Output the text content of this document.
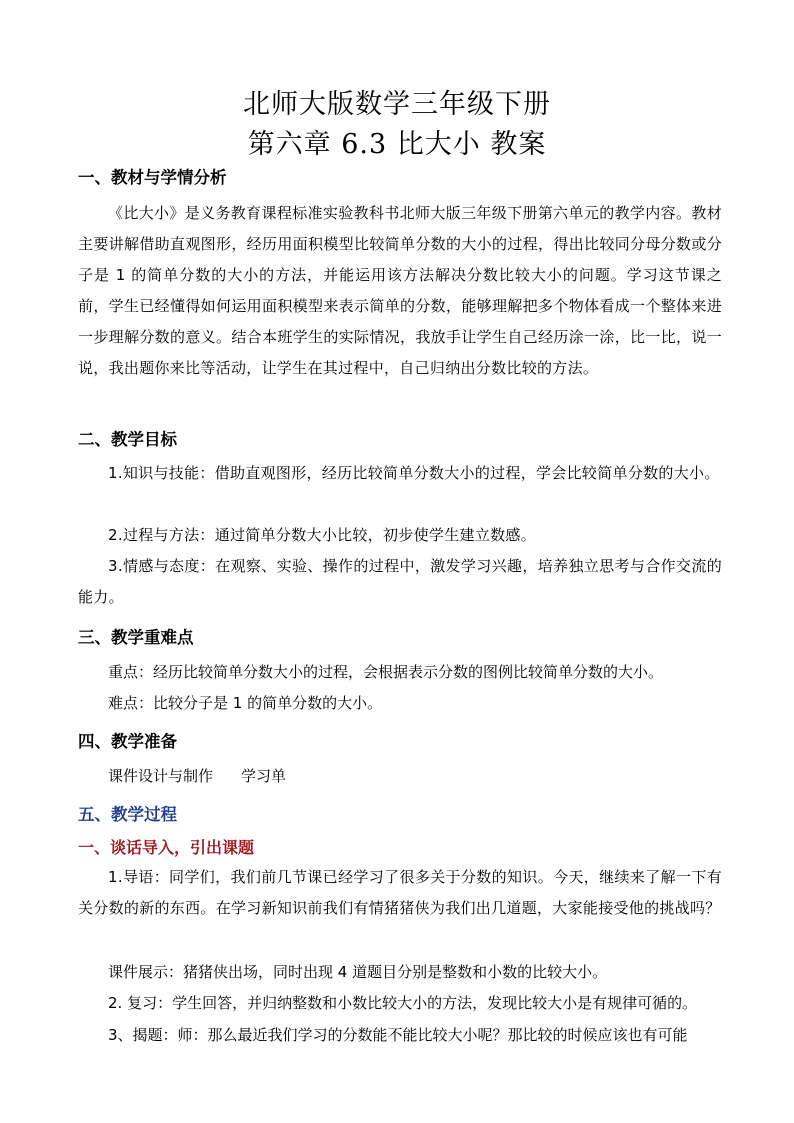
北师大版数学三年级下册
第六章 6.3 比大小 教案
一、教材与学情分析
《比大小》是义务教育课程标准实验教科书北师大版三年级下册第六单元的教学内容。教材主要讲解借助直观图形，经历用面积模型比较简单分数的大小的过程，得出比较同分母分数或分子是 1 的简单分数的大小的方法，并能运用该方法解决分数比较大小的问题。学习这节课之前，学生已经懂得如何运用面积模型来表示简单的分数，能够理解把多个物体看成一个整体来进一步理解分数的意义。结合本班学生的实际情况，我放手让学生自己经历涂一涂，比一比，说一说，我出题你来比等活动，让学生在其过程中，自己归纳出分数比较的方法。
二、教学目标
1.知识与技能：借助直观图形，经历比较简单分数大小的过程，学会比较简单分数的大小。
2.过程与方法：通过简单分数大小比较，初步使学生建立数感。
3.情感与态度：在观察、实验、操作的过程中，激发学习兴趣，培养独立思考与合作交流的能力。
三、教学重难点
重点：经历比较简单分数大小的过程，会根据表示分数的图例比较简单分数的大小。
难点：比较分子是 1 的简单分数的大小。
四、教学准备
课件设计与制作 学习单
五、教学过程
一、谈话导入，引出课题
1.导语：同学们，我们前几节课已经学习了很多关于分数的知识。今天，继续来了解一下有关分数的新的东西。在学习新知识前我们有情猪猪侠为我们出几道题，大家能接受他的挑战吗？
课件展示：猪猪侠出场，同时出现 4 道题目分别是整数和小数的比较大小。
2. 复习：学生回答，并归纳整数和小数比较大小的方法，发现比较大小是有规律可循的。
3、揭题：师：那么最近我们学习的分数能不能比较大小呢？那比较的时候应该也有可能
